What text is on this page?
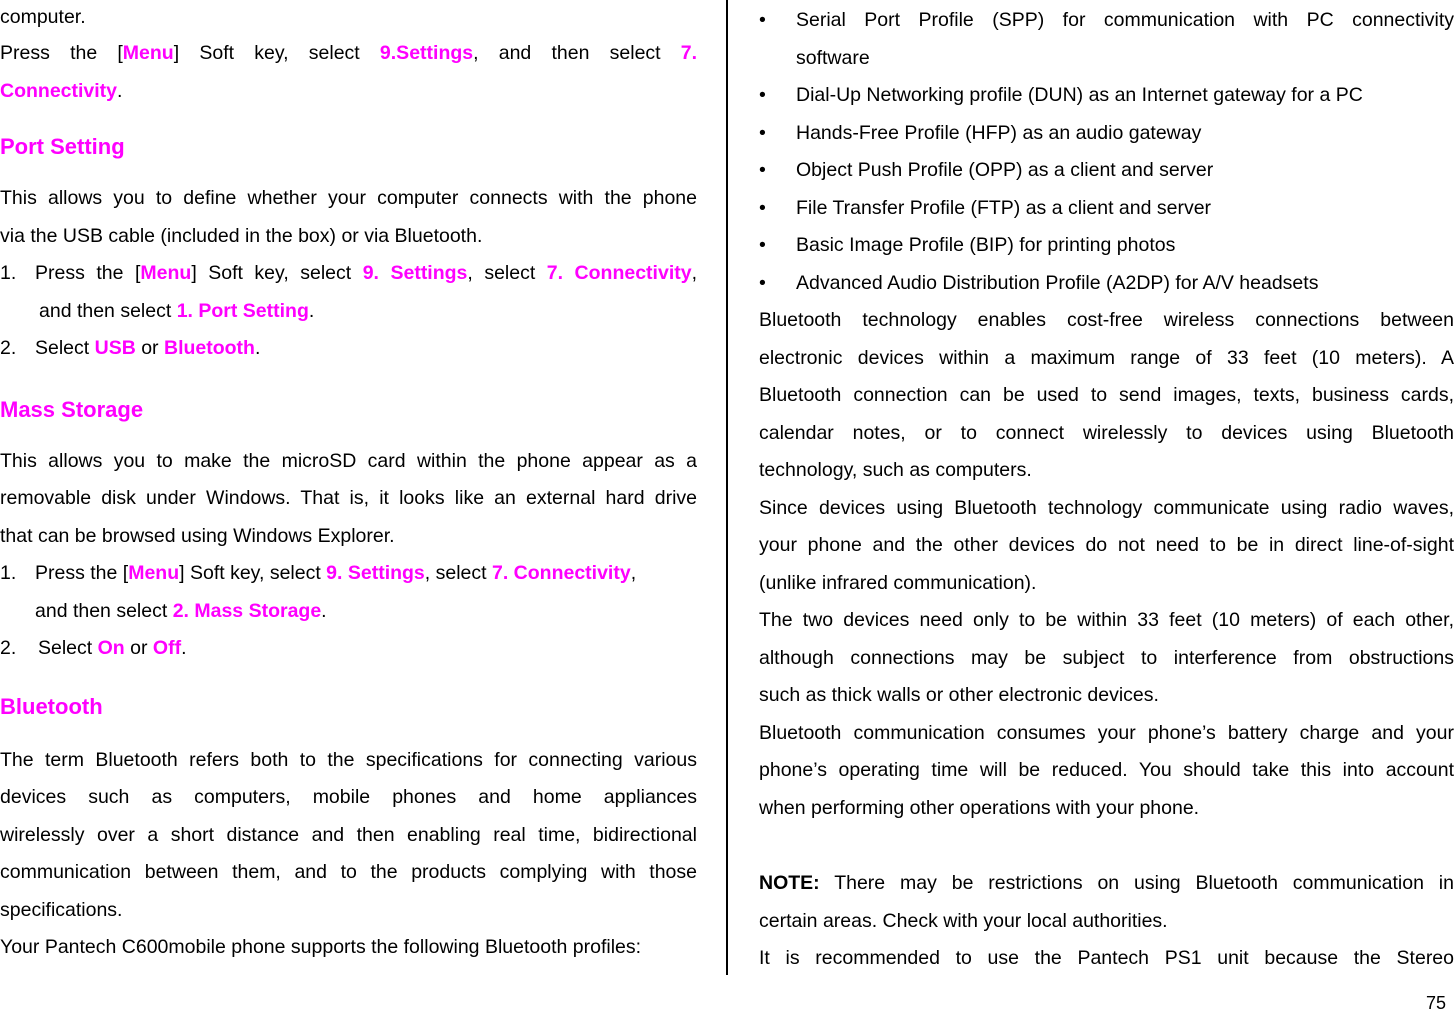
computer.

Press the [Menu] Soft key, select 9.Settings, and then select 7.

Connectivity.

Port Setting

This allows you to define whether your computer connects with the phone

via the USB cable (included in the box) or via Bluetooth.

1. Press the [Menu] Soft key, select 9. Settings, select 7. Connectivity,
and then select 1. Port Setting.
2. Select USB or Bluetooth.
Mass Storage

This allows you to make the microSD card within the phone appear as a

removable disk under Windows. That is, it looks like an external hard drive

that can be browsed using Windows Explorer.

1. Press the [Menu] Soft key, select 9. Settings, select 7. Connectivity,
and then select 2. Mass Storage.
2. Select On or Off.
Bluetooth

The term Bluetooth refers both to the specifications for connecting various

devices such as computers, mobile phones and home appliances

wirelessly over a short distance and then enabling real time, bidirectional

communication between them, and to the products complying with those

specifications.

Your Pantech C600mobile phone supports the following Bluetooth profiles:

• Serial Port Profile (SPP) for communication with PC connectivity
software
• Dial-Up Networking profile (DUN) as an Internet gateway for a PC
• Hands-Free Profile (HFP) as an audio gateway
• Object Push Profile (OPP) as a client and server
• File Transfer Profile (FTP) as a client and server
• Basic Image Profile (BIP) for printing photos
• Advanced Audio Distribution Profile (A2DP) for A/V headsets

Bluetooth technology enables cost-free wireless connections between

electronic devices within a maximum range of 33 feet (10 meters). A

Bluetooth connection can be used to send images, texts, business cards,

calendar notes, or to connect wirelessly to devices using Bluetooth

technology, such as computers.

Since devices using Bluetooth technology communicate using radio waves,

your phone and the other devices do not need to be in direct line-of-sight

(unlike infrared communication).

The two devices need only to be within 33 feet (10 meters) of each other,

although connections may be subject to interference from obstructions

such as thick walls or other electronic devices.

Bluetooth communication consumes your phone’s battery charge and your

phone’s operating time will be reduced. You should take this into account

when performing other operations with your phone.

NOTE: There may be restrictions on using Bluetooth communication in

certain areas. Check with your local authorities.

It is recommended to use the Pantech PS1 unit because the Stereo

75
